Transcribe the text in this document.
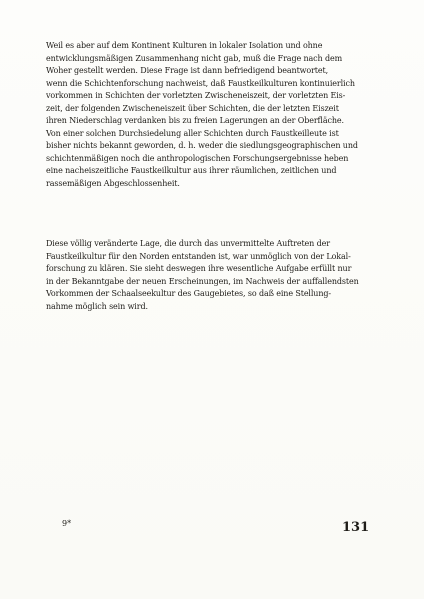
Weil es aber auf dem Kontinent Kulturen in lokaler Isolation und ohne
entwicklungsmäßigen Zusammenhang nicht gab, muß die Frage nach dem
Woher gestellt werden. Diese Frage ist dann befriedigend beantwortet,
wenn die Schichtenforschung nachweist, daß Faustkeilkulturen kontinuierlich
vorkommen in Schichten der vorletzten Zwischeneiszeit, der vorletzten Eis-
zeit, der folgenden Zwischeneiszeit über Schichten, die der letzten Eiszeit
ihren Niederschlag verdanken bis zu freien Lagerungen an der Oberfläche.
Von einer solchen Durchsiedelung aller Schichten durch Faustkeilleute ist
bisher nichts bekannt geworden, d. h. weder die siedlungsgeographischen und
schichtenmäßigen noch die anthropologischen Forschungsergebnisse heben
eine nacheiszeitliche Faustkeilkultur aus ihrer räumlichen, zeitlichen und
rassemäßigen Abgeschlossenheit.
Diese völlig veränderte Lage, die durch das unvermittelte Auftreten der
Faustkeilkultur für den Norden entstanden ist, war unmöglich von der Lokal-
forschung zu klären. Sie sieht deswegen ihre wesentliche Aufgabe erfüllt nur
in der Bekanntgabe der neuen Erscheinungen, im Nachweis der auffallendsten
Vorkommen der Schaalseekultur des Gaugebietes, so daß eine Stellung-
nahme möglich sein wird.
9*	131
